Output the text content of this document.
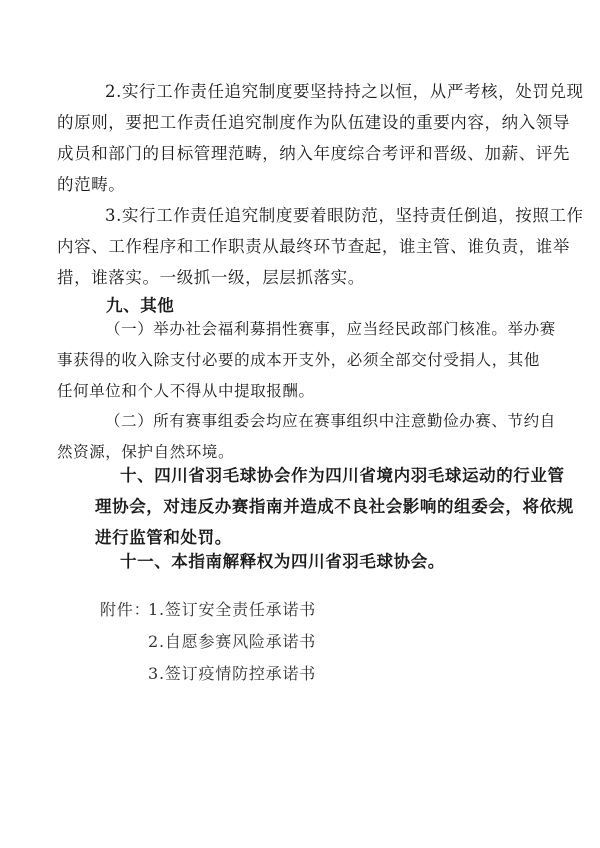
2.实行工作责任追究制度要坚持持之以恒，从严考核，处罚兑现
的原则，要把工作责任追究制度作为队伍建设的重要内容，纳入领导
成员和部门的目标管理范畴，纳入年度综合考评和晋级、加薪、评先
的范畴。
3.实行工作责任追究制度要着眼防范，坚持责任倒追，按照工作
内容、工作程序和工作职责从最终环节查起，谁主管、谁负责，谁举
措，谁落实。一级抓一级，层层抓落实。
九、其他
（一）举办社会福利募捐性赛事，应当经民政部门核准。举办赛
事获得的收入除支付必要的成本开支外，必须全部交付受捐人，其他
任何单位和个人不得从中提取报酬。
（二）所有赛事组委会均应在赛事组织中注意勤俭办赛、节约自
然资源，保护自然环境。
十、四川省羽毛球协会作为四川省境内羽毛球运动的行业管
理协会，对违反办赛指南并造成不良社会影响的组委会，将依规
进行监管和处罚。
十一、本指南解释权为四川省羽毛球协会。
附件：
1.签订安全责任承诺书
2.自愿参赛风险承诺书
3.签订疫情防控承诺书
